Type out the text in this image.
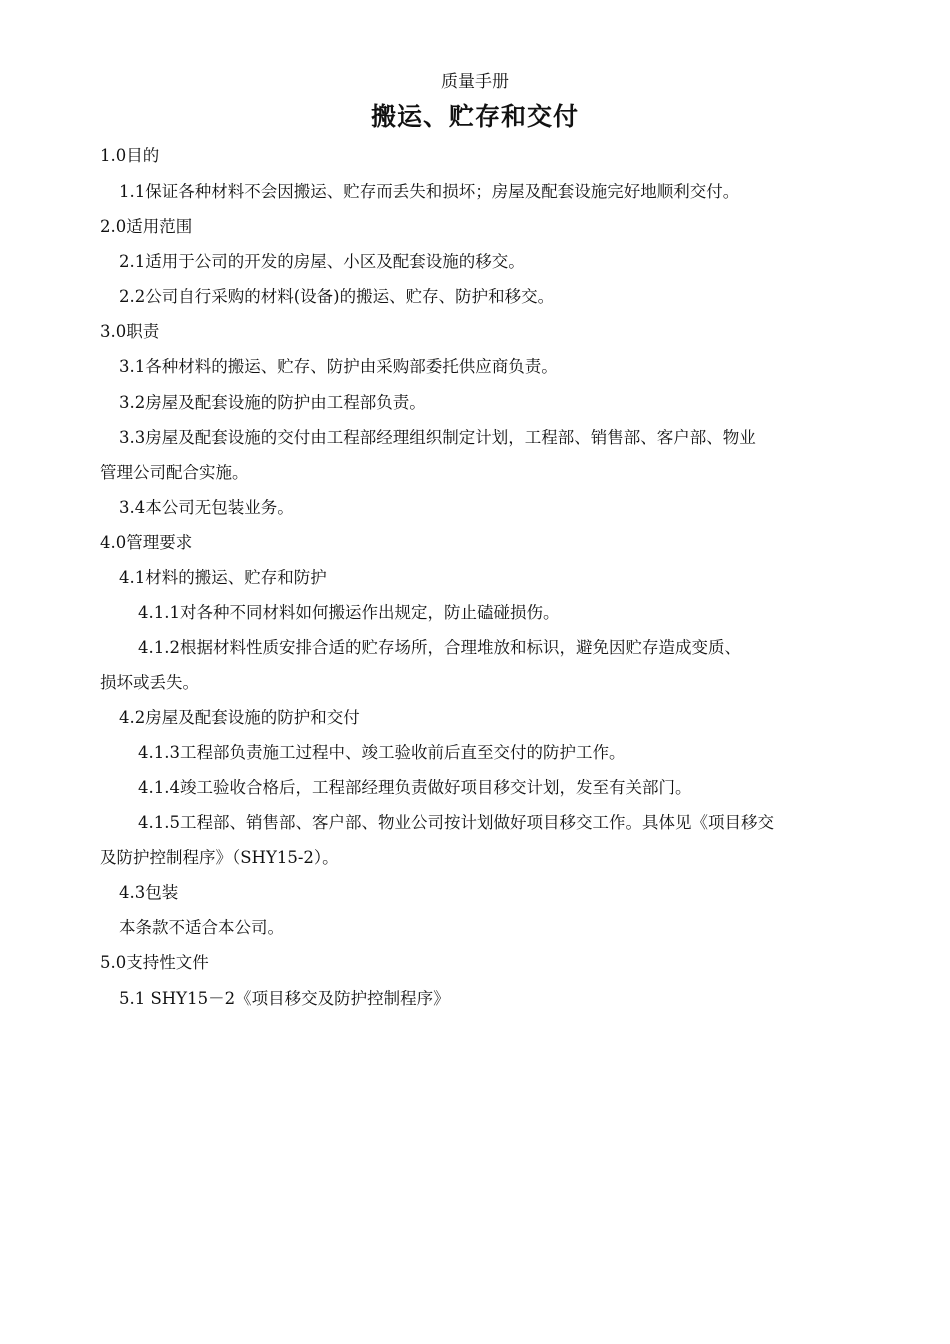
质量手册
搬运、贮存和交付
1.0目的
1.1保证各种材料不会因搬运、贮存而丢失和损坏；房屋及配套设施完好地顺利交付。
2.0适用范围
2.1适用于公司的开发的房屋、小区及配套设施的移交。
2.2公司自行采购的材料(设备)的搬运、贮存、防护和移交。
3.0职责
3.1各种材料的搬运、贮存、防护由采购部委托供应商负责。
3.2房屋及配套设施的防护由工程部负责。
3.3房屋及配套设施的交付由工程部经理组织制定计划，工程部、销售部、客户部、物业
管理公司配合实施。
3.4本公司无包装业务。
4.0管理要求
4.1材料的搬运、贮存和防护
4.1.1对各种不同材料如何搬运作出规定，防止磕碰损伤。
4.1.2根据材料性质安排合适的贮存场所，合理堆放和标识，避免因贮存造成变质、
损坏或丢失。
4.2房屋及配套设施的防护和交付
4.1.3工程部负责施工过程中、竣工验收前后直至交付的防护工作。
4.1.4竣工验收合格后，工程部经理负责做好项目移交计划，发至有关部门。
4.1.5工程部、销售部、客户部、物业公司按计划做好项目移交工作。具体见《项目移交
及防护控制程序》（SHY15-2）。
4.3包装
本条款不适合本公司。
5.0支持性文件
5.1 SHY15－2《项目移交及防护控制程序》
